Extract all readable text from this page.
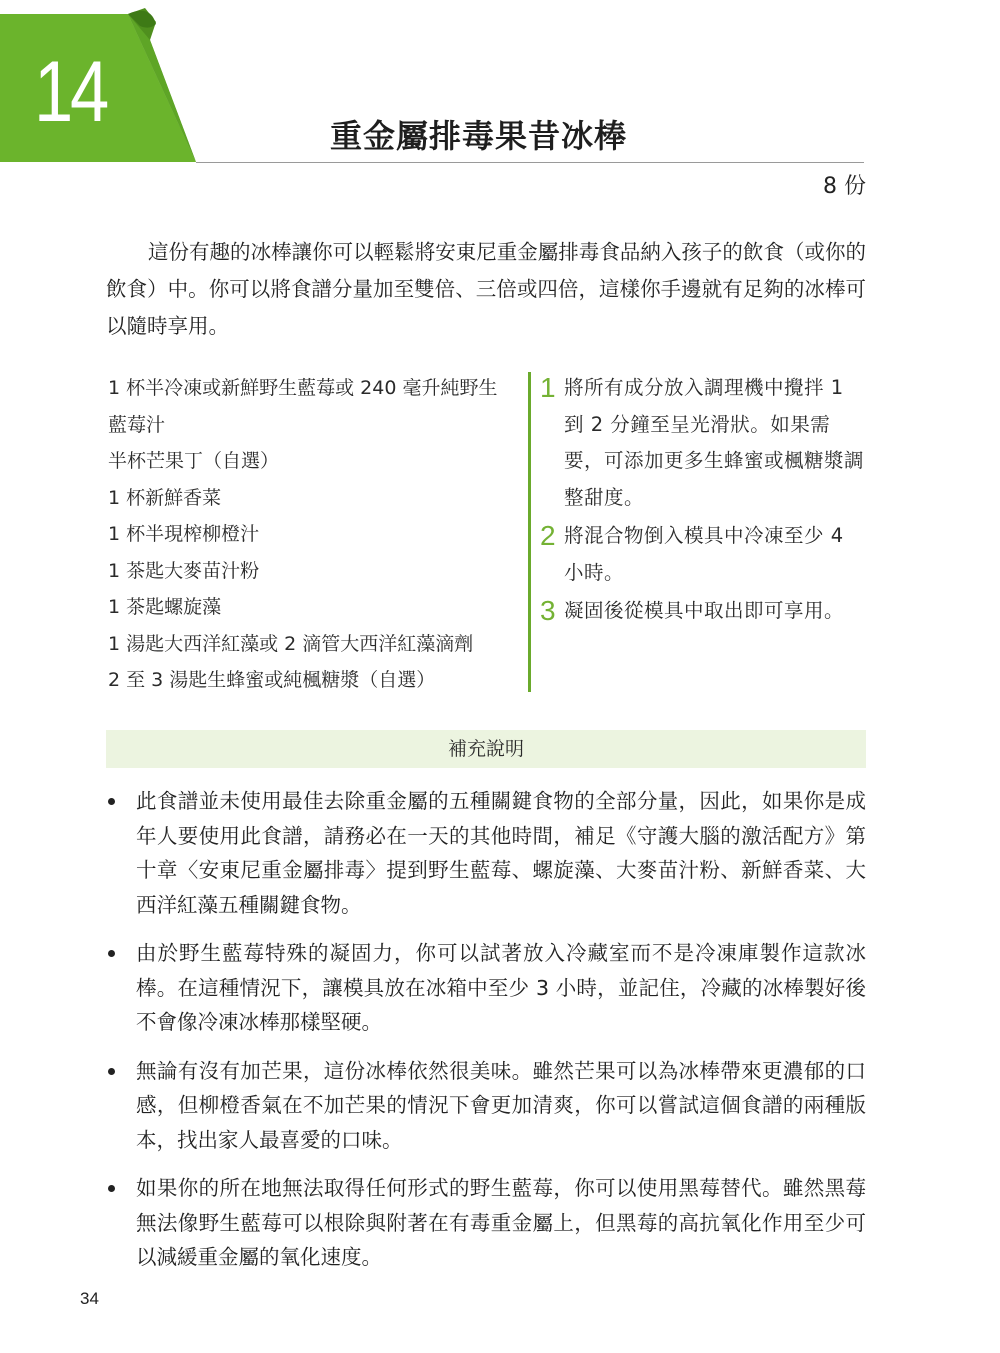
14	重金屬排毒果昔冰棒
8 份

這份有趣的冰棒讓你可以輕鬆將安東尼重金屬排毒食品納入孩子的飲食（或你的飲食）中。你可以將食譜分量加至雙倍、三倍或四倍，這樣你手邊就有足夠的冰棒可以隨時享用。

1 杯半冷凍或新鮮野生藍莓或 240 毫升純野生藍莓汁
半杯芒果丁（自選）
1 杯新鮮香菜
1 杯半現榨柳橙汁
1 茶匙大麥苗汁粉
1 茶匙螺旋藻
1 湯匙大西洋紅藻或 2 滴管大西洋紅藻滴劑
2 至 3 湯匙生蜂蜜或純楓糖漿（自選）
1 將所有成分放入調理機中攪拌 1 到 2 分鐘至呈光滑狀。如果需要，可添加更多生蜂蜜或楓糖漿調整甜度。
2 將混合物倒入模具中冷凍至少 4 小時。
3 凝固後從模具中取出即可享用。
補充說明
此食譜並未使用最佳去除重金屬的五種關鍵食物的全部分量，因此，如果你是成年人要使用此食譜，請務必在一天的其他時間，補足《守護大腦的激活配方》第十章〈安東尼重金屬排毒〉提到野生藍莓、螺旋藻、大麥苗汁粉、新鮮香菜、大西洋紅藻五種關鍵食物。
由於野生藍莓特殊的凝固力，你可以試著放入冷藏室而不是冷凍庫製作這款冰棒。在這種情況下，讓模具放在冰箱中至少 3 小時，並記住，冷藏的冰棒製好後不會像冷凍冰棒那樣堅硬。
無論有沒有加芒果，這份冰棒依然很美味。雖然芒果可以為冰棒帶來更濃郁的口感，但柳橙香氣在不加芒果的情況下會更加清爽，你可以嘗試這個食譜的兩種版本，找出家人最喜愛的口味。
如果你的所在地無法取得任何形式的野生藍莓，你可以使用黑莓替代。雖然黑莓無法像野生藍莓可以根除與附著在有毒重金屬上，但黑莓的高抗氧化作用至少可以減緩重金屬的氧化速度。
34
